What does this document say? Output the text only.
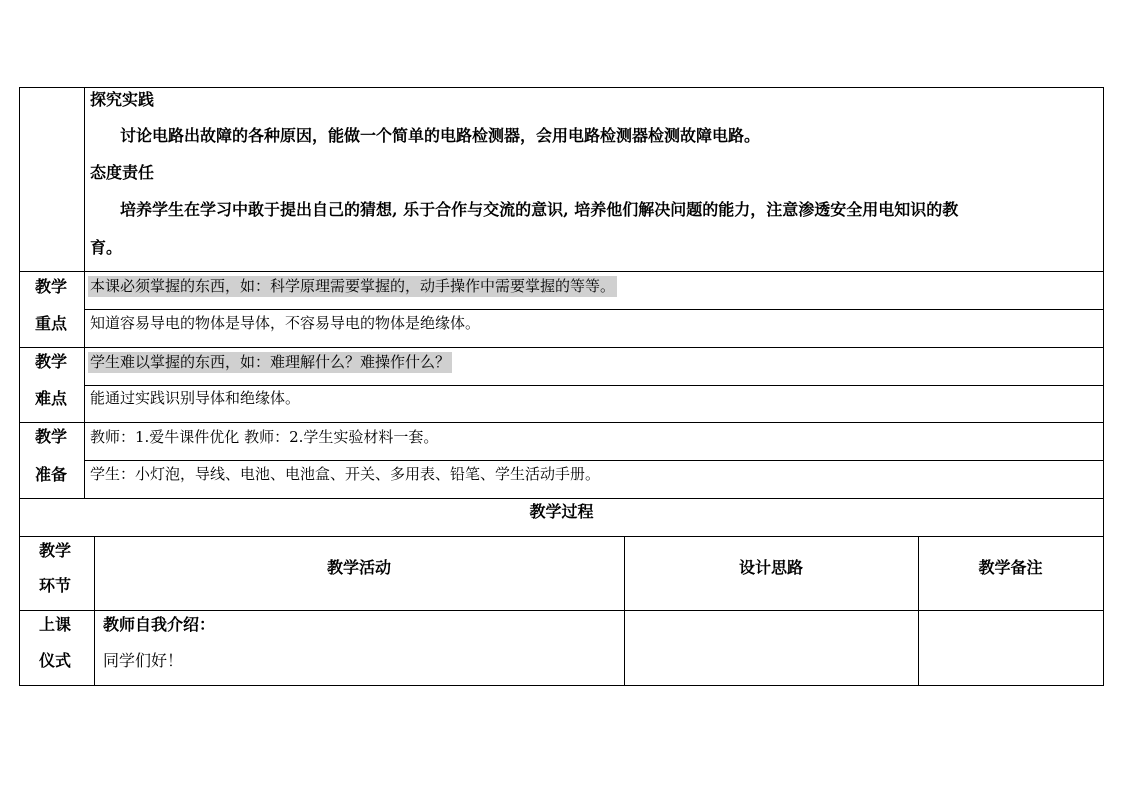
探究实践
讨论电路出故障的各种原因，能做一个简单的电路检测器，会用电路检测器检测故障电路。
态度责任
培养学生在学习中敢于提出自己的猜想, 乐于合作与交流的意识, 培养他们解决问题的能力，注意渗透安全用电知识的教
育。
教学
重点
本课必须掌握的东西，如：科学原理需要掌握的，动手操作中需要掌握的等等。
知道容易导电的物体是导体，不容易导电的物体是绝缘体。
教学
难点
学生难以掌握的东西，如：难理解什么？难操作什么？
能通过实践识别导体和绝缘体。
教学
准备
教师：1.爱牛课件优化 教师：2.学生实验材料一套。
学生：小灯泡，导线、电池、电池盒、开关、多用表、铅笔、学生活动手册。
教学过程
教学
环节
教学活动	设计思路	教学备注
上课
仪式
教师自我介绍：
同学们好！
